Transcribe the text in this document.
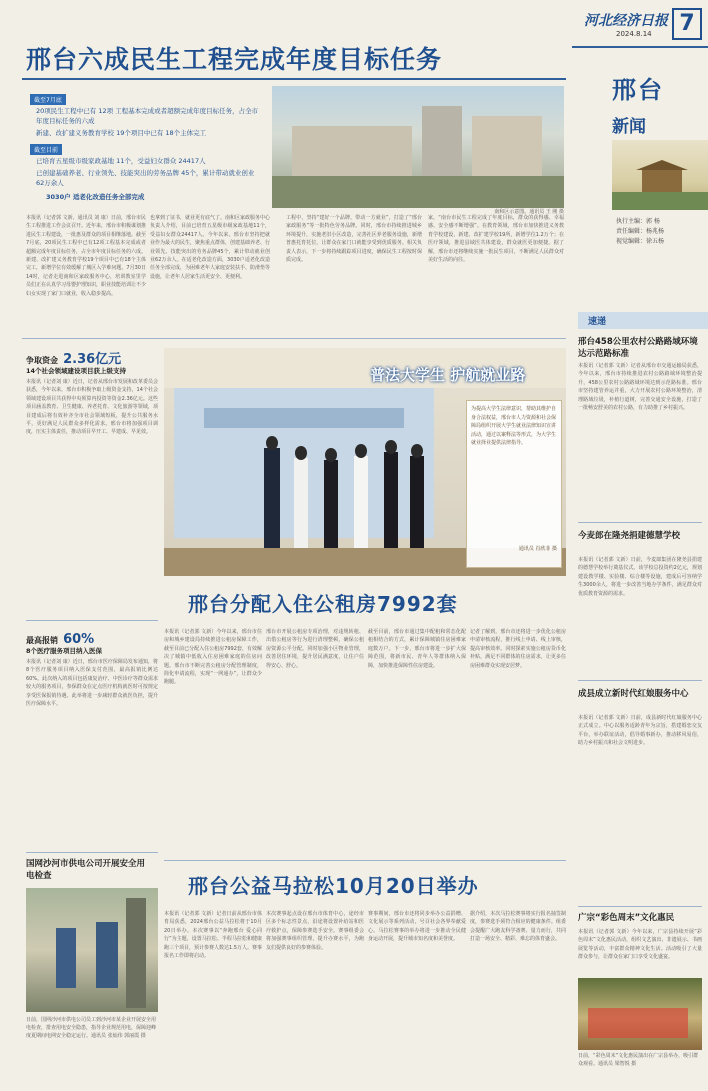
河北经济日报
2024.8.14	7
邢台
新闻
执行主编：郭 杨
责任编辑：杨兆杨
视觉编辑：徐五杨
邢台六成民生工程完成年度目标任务
截至7月底
20项民生工程中已有 12项 工程基本完成或者超额完成年度目标任务，占全市年度目标任务的六成
新建、改扩建义务教育学校 19个项目中已有 18个主体完工
截至目前
已培育五星级市级家政基地 11个，受益妇女群众 24417人
已创建基础养老、行业领先、技能突出的劳务品牌 45个，累计带动就业创业 62万余人
3030户 适老化改造任务全部完成
南和区示意图。通讯员 王 刚 摄
本报讯（记者郭 文新、通讯员 刘 康）日前，邢台市民生工程推进工作会议召开。近年来，邢台市积极谋划推进民生工程建设，一批惠及群众的项目相继落地。截至7月底，20项民生工程中已有12项工程基本完成或者超额完成年度目标任务，占全市年度目标任务的六成。新建、改扩建义务教育学校19个项目中已有18个主体完工，新增学位有效缓解了城区入学难问题。7月30日14时，记者走进南和区家政服务中心，培训教室里学员们正在认真学习母婴护理知识，职业技能培训让不少妇女实现了家门口就业，收入稳步提高。
也拿到了证书，就业更有底气了。南和区家政服务中心负责人介绍，目前已培育五星级市级家政基地11个，受益妇女群众24417人。今年以来，邢台市坚持把就业作为最大的民生，聚焦重点群体，创建基础养老、行业领先、技能突出的劳务品牌45个，累计带动就业创业62万余人。在适老化改造方面，3030户适老化改造任务全部完成，为困难老年人家庭安装扶手、防滑垫等设施，让老年人居家生活更安全、更便利。
工程中，坚持“建好一个品牌、带动一方就业”，打造了“邢台家政服务”等一批特色劳务品牌。同时，邢台市持续推进城乡环境提升，实施老旧小区改造，完善社区养老服务设施，新增普惠托育托位，让群众在家门口就能享受到优质服务。相关负责人表示，下一步将持续跟踪项目进度，确保民生工程按时保质完成。
家，“南台市民生工程完成了年度目标，群众的获得感、幸福感、安全感不断增强”。在教育领域，邢台市加快推进义务教育学校建设，新建、改扩建学校19所，新增学位1.2万个；在医疗领域，推进县域医共体建设，群众就医更加便捷。据了解，邢台市还将继续实施一批民生项目，不断满足人民群众对美好生活的向往。
争取资金 2.36亿元
14个社会领域建设项目获上级支持
本报讯（记者刘 康）近日，记者从邢台市发展和改革委员会获悉，今年以来，邢台市积极争取上级资金支持，14个社会领域建设项目共获得中央预算内投资等资金2.36亿元。这些项目涵盖教育、卫生健康、养老托育、文化旅游等领域，项目建成后将有效补齐全市社会领域短板，提升公共服务水平，更好满足人民群众多样化需求。邢台市将加强项目调度，压实主体责任，推动项目早开工、早建成、早见效。
最高报销 60%
8个医疗服务项目纳入医保
本报讯（记者刘 康）近日，邢台市医疗保障局发布通知，将8个医疗服务项目纳入医保支付范围，最高报销比例达60%。此次纳入的项目包括康复治疗、中医诊疗等群众需求较大的服务项目，参保群众在定点医疗机构就医时可按规定享受医保报销待遇。此举将进一步减轻群众就医负担，提升医疗保障水平。
国网沙河市供电公司开展安全用电检查
日前，国网沙河市供电公司员工到沙河市某企业开展安全用电检查，排查用电安全隐患，指导企业规范用电，保障迎峰度夏期间电网安全稳定运行。通讯员 张灿伟 郭丽霞 摄
普法大学生 护航就业路
为提高大学生法律意识，帮助其维护自身合法权益，邢台市人力资源和社会保障局组织开展大学生就业法律知识宣讲活动，通过以案释法等形式，为大学生就业择业提供法律指导。
通讯员 肖欣菲 摄
邢台分配入住公租房7992套
本报讯（记者郭 文新）今年以来，邢台市住房和城乡建设局持续推进公租房保障工作，截至目前已分配入住公租房7992套，有效解决了城镇中低收入住房困难家庭的住房问题。邢台市不断完善公租房分配管理制度，简化申请流程，实现“一网通办”，让群众少跑腿。
邢台市开展公租房专项治理，对违规转租、出借公租房等行为进行清理整顿，确保公租房资源公平分配。同时加强小区物业管理，改善居住环境，提升居民满意度，让住户住得安心、舒心。
截至目前，邢台市通过集中配租和常态化配租相结合的方式，累计保障城镇住房困难家庭数万户。下一步，邢台市将进一步扩大保障范围，将新市民、青年人等群体纳入保障，加快推进保障性住房建设。
记者了解到，邢台市还将进一步优化公租房申请审核流程，推行线上申请、线上审核，提高审核效率。同时探索实施公租房货币化补贴，满足不同群体的住房需求，让更多住房困难群众实现安居梦。
邢台公益马拉松10月20日举办
本报讯（记者郭 文新）记者日前从邢台市体育局获悉，2024邢台公益马拉松将于10月20日举办。本次赛事以“奔跑邢台 爱心同行”为主题，设置马拉松、半程马拉松和健康跑三个项目，预计参赛人数达1.5万人。赛事报名工作即将启动。
本次赛事起点设在邢台市体育中心，途经市区多个标志性景点，沿途将设置补给站和医疗救护点，保障参赛选手安全。赛事组委会将加强赛事组织管理，提升办赛水平，为跑友们提供良好的参赛体验。
赛事期间，邢台市还将同步举办公益捐赠、文化展示等系列活动，号召社会各界奉献爱心。马拉松赛事的举办将进一步推动全民健身运动开展，提升城市知名度和美誉度。
据介绍，本次马拉松赛事将实行报名抽签制度，参赛选手须符合相应的健康条件。组委会提醒广大跑友科学备赛、量力而行，共同打造一场安全、精彩、难忘的体育盛会。
速递
邢台458公里农村公路路域环境达示范路标准
本报讯（记者郭 文新）记者从邢台市交通运输局获悉，今年以来，邢台市持续推进农村公路路域环境整治提升，458公里农村公路路域环境达到示范路标准。邢台市坚持建管养运并重，大力开展农村公路环境整治，清理路域垃圾，补植行道树，完善交通安全设施，打造了一批畅安舒美的农村公路，有力助推了乡村振兴。
今麦郎在隆尧捐建德慧学校
本报讯（记者郭 文新）日前，今麦郎集团在隆尧县捐建的德慧学校举行奠基仪式。该学校总投资约2亿元，规划建设教学楼、实验楼、综合楼等设施，建成后可容纳学生3000余人，将进一步改善当地办学条件，满足群众对优质教育资源的需求。
成县成立新时代红娘服务中心
本报讯（记者郭 文新）日前，成县新时代红娘服务中心正式成立。中心以服务适龄青年为宗旨，搭建婚恋交友平台，举办联谊活动，倡导婚事新办，推动移风易俗，助力乡村振兴和社会文明进步。
广宗“彩色周末”文化惠民
本报讯（记者郭 文新）今年以来，广宗县持续开展“彩色周末”文化惠民活动，组织文艺演出、非遗展示、书画展览等活动，丰富群众精神文化生活。活动吸引了大量群众参与，让群众在家门口享受文化盛宴。
日前，“彩色周末”文化惠民演出在广宗县举办，吸引群众观看。通讯员 梁智锐 摄
